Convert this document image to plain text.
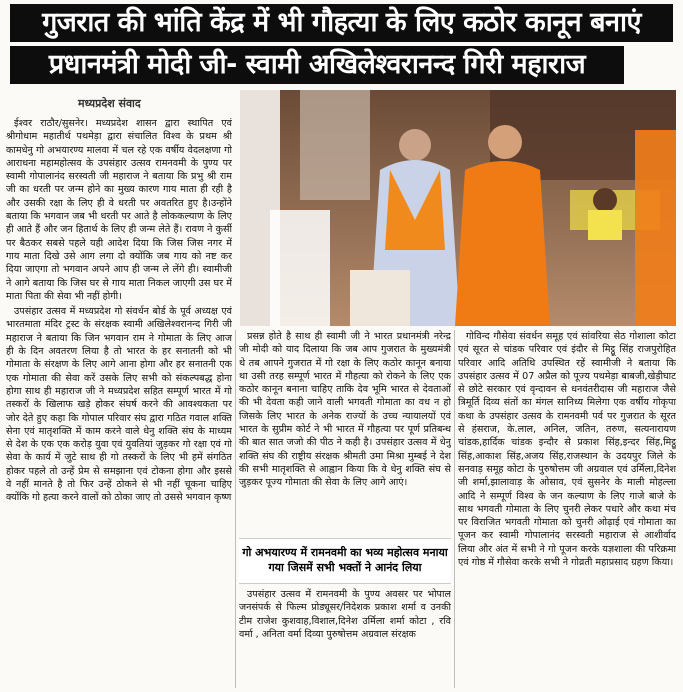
गुजरात की भांति केंद्र में भी गौहत्या के लिए कठोर कानून बनाएं
प्रधानमंत्री मोदी जी- स्वामी अखिलेश्वरानन्द गिरी महाराज
मध्यप्रदेश संवाद

ईश्वर राठौर/सुसनेर। मध्यप्रदेश शासन द्वारा स्थापित एवं श्रीगोधाम महातीर्थ पथमेड़ा द्वारा संचालित विश्व के प्रथम श्री कामधेनु गो अभयारण्य मालवा में चल रहे एक वर्षीय वेदलक्षणा गो आराधना महामहोत्सव के उपसंहार उत्सव रामनवमी के पुण्य पर स्वामी गोपालानंद सरस्वती जी महाराज ने बताया कि प्रभु श्री राम जी का धरती पर जन्म होने का मुख्य कारण गाय माता ही रही है और उसकी रक्षा के लिए ही वे धरती पर अवतरित हुए है।उन्होंने बताया कि भगवान जब भी धरती पर आते है लोककल्याण के लिए ही आते हैं और जन हितार्थ के लिए ही जन्म लेते हैं। रावण ने कुर्सी पर बैठकर सबसे पहले यही आदेश दिया कि जिस जिस नगर में गाय माता दिखे उसे आग लगा दो क्योंकि जब गाय को नष्ट कर दिया जाएगा तो भगवान अपने आप ही जन्म ले लेंगे ही। स्वामीजी ने आगे बताया कि जिस घर से गाय माता निकल जाएगी उस घर में माता पिता की सेवा भी नहीं होगी।

उपसंहार उत्सव में मध्यप्रदेश गो संवर्धन बोर्ड के पूर्व अध्यक्ष एवं भारतमाता मंदिर ट्रस्ट के संरक्षक स्वामी अखिलेश्वरानन्द गिरी जी महाराज ने बताया कि जिन भगवान राम ने गोमाता के लिए आज ही के दिन अवतरण लिया है तो भारत के हर सनातनी को भी गोमाता के संरक्षण के लिए आगे आना होगा और हर सनातनी एक एक गोमाता की सेवा करें उसके लिए सभी को संकल्पबद्ध होना होगा साथ ही महाराज जी ने मध्यप्रदेश सहित सम्पूर्ण भारत में गो तस्करों के खिलाफ खड़े होकर संघर्ष करने की आवश्यकता पर जोर देते हुए कहा कि गोपाल परिवार संघ द्वारा गठित गवाल शक्ति सेना एवं मातृशक्ति में काम करने वाले धेनु शक्ति संघ के माध्यम से देश के एक एक करोड़ युवा एवं युवतियां जुड़कर गो रक्षा एवं गो सेवा के कार्य में जुटे साथ ही गो तस्करों के लिए भी हमें संगठित होकर पहले तो उन्हें प्रेम से समझाना एवं टोकना होगा और इससे वे नहीं मानते है तो फिर उन्हें ठोकने से भी नहीं चूकना चाहिए क्योंकि गो हत्या करने वालों को ठोका जाए तो उससे भगवान कृष्ण

प्रसन्न होते है साथ ही स्वामी जी ने भारत प्रधानमंत्री नरेन्द्र जी मोदी को याद दिलाया कि जब आप गुजरात के मुख्यमंत्री थे तब आपने गुजरात में गो रक्षा के लिए कठोर कानून बनाया था उसी तरह सम्पूर्ण भारत में गौहत्या को रोकने के लिए एक कठोर कानून बनाना चाहिए ताकि देव भूमि भारत से देवताओं की भी देवता कही जाने वाली भगवती गोमाता का वध न हो जिसके लिए भारत के अनेक राज्यों के उच्च न्यायालयों एवं भारत के सुप्रीम कोर्ट ने भी भारत में गौहत्या पर पूर्ण प्रतिबन्ध की बात सात जजो की पीठ ने कही है। उपसंहार उत्सव में धेनु शक्ति संघ की राष्ट्रीय संरक्षक श्रीमती उमा मिश्रा मुम्बई ने देश की सभी मातृशक्ति से आह्वान किया कि वे धेनु शक्ति संघ से जुड़कर पूज्य गोमाता की सेवा के लिए आगे आएं।

गो अभयारण्य में रामनवमी का भव्य महोत्सव मनाया गया जिसमें सभी भक्तों ने आनंद लिया

उपसंहार उत्सव में रामनवमी के पुण्य अवसर पर भोपाल जनसंपर्क से फिल्म प्रोड्यूसर/निदेशक प्रकाश शर्मा व उनकी टीम राजेश कुशवाह,विशाल,दिनेश उर्मिला शर्मा कोटा , रवि वर्मा , अनिता वर्मा दिव्या पुरुषोत्तम अग्रवाल संरक्षक

गोविन्द गौसेवा संवर्धन समूह एवं सांवरिया सेठ गोशाला कोटा एवं सूरत से चांडक परिवार एवं इंदौर से मिट्ठू सिंह राजपुरोहित परिवार आदि अतिथि उपस्थित रहें स्वामीजी ने बताया कि उपसंहार उत्सव में 07 अप्रैल को पूज्य पथमेड़ा बाबजी,खेड़ीघाट से छोटे सरकार एवं वृन्दावन से धनवंतरीदास जी महाराज जैसे त्रिमूर्ति दिव्य संतों का मंगल सानिध्य मिलेगा एक वर्षीय गोकृपा कथा के उपसंहार उत्सव के रामनवमी पर्व पर गुजरात के सूरत से हंसराज, के.लाल, अनिल, जतिन, तरुण, सत्यनारायण चांडक,हार्दिक चांडक इन्दौर से प्रकाश सिंह,इन्दर सिंह,मिट्ठू सिंह,आकाश सिंह,अजय सिंह,राजस्थान के उदयपुर जिले के सनवाड़ समूह कोटा के पुरुषोत्तम जी अग्रवाल एवं उर्मिला,दिनेश जी शर्मा,झालावाड़ के ओसाव, एवं सुसनेर के माली मोहल्ला आदि ने सम्पूर्ण विश्व के जन कल्याण के लिए गाजे बाजे के साथ भगवती गोमाता के लिए चुनरी लेकर पधारे और कथा मंच पर विराजित भगवती गोमाता को चुनरी ओढ़ाई एवं गोमाता का पूजन कर स्वामी गोपालानंद सरस्वती महाराज से आशीर्वाद लिया और अंत में सभी ने गो पूजन करके यज्ञशाला की परिक्रमा एवं गोष्ठ में गौसेवा करके सभी ने गोव्रती महाप्रसाद ग्रहण किया।
